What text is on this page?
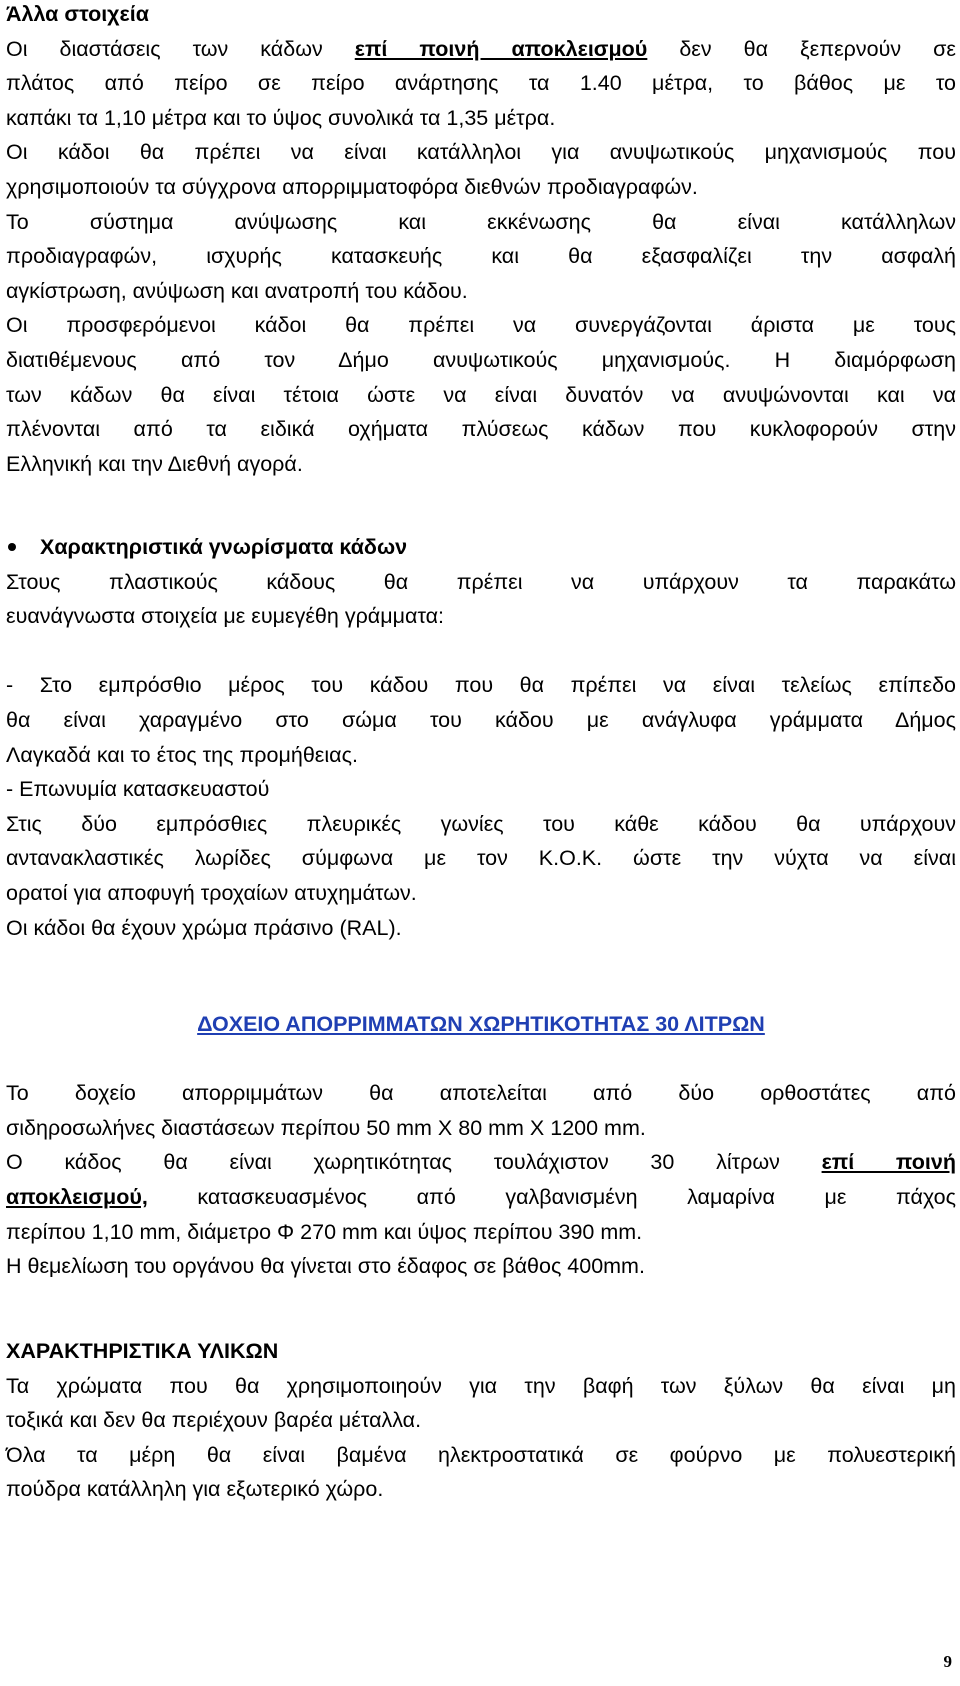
Άλλα στοιχεία
Οι διαστάσεις των κάδων επί ποινή αποκλεισμού δεν θα ξεπερνούν σε
πλάτος από πείρο σε πείρο ανάρτησης τα 1.40 μέτρα, το βάθος με το
καπάκι τα 1,10 μέτρα και το ύψος συνολικά τα 1,35 μέτρα.
Οι κάδοι θα πρέπει να είναι κατάλληλοι για ανυψωτικούς μηχανισμούς που
χρησιμοποιούν τα σύγχρονα απορριμματοφόρα διεθνών προδιαγραφών.
Το σύστημα ανύψωσης και εκκένωσης θα είναι κατάλληλων
προδιαγραφών, ισχυρής κατασκευής και θα εξασφαλίζει την ασφαλή
αγκίστρωση, ανύψωση και ανατροπή του κάδου.
Οι προσφερόμενοι κάδοι θα πρέπει να συνεργάζονται άριστα με τους
διατιθέμενους από τον Δήμο ανυψωτικούς μηχανισμούς. Η διαμόρφωση
των κάδων θα είναι τέτοια ώστε να είναι δυνατόν να ανυψώνονται και να
πλένονται από τα ειδικά οχήματα πλύσεως κάδων που κυκλοφορούν στην
Ελληνική και την Διεθνή αγορά.
Χαρακτηριστικά γνωρίσματα κάδων
Στους πλαστικούς κάδους θα πρέπει να υπάρχουν τα παρακάτω
ευανάγνωστα στοιχεία με ευμεγέθη γράμματα:

- Στο εμπρόσθιο μέρος του κάδου που θα πρέπει να είναι τελείως επίπεδο
θα είναι χαραγμένο στο σώμα του κάδου με ανάγλυφα γράμματα Δήμος
Λαγκαδά και το έτος της προμήθειας.
- Επωνυμία κατασκευαστού
Στις δύο εμπρόσθιες πλευρικές γωνίες του κάθε κάδου θα υπάρχουν
αντανακλαστικές λωρίδες σύμφωνα με τον Κ.Ο.Κ. ώστε την νύχτα να είναι
ορατοί για αποφυγή τροχαίων ατυχημάτων.
Οι κάδοι θα έχουν χρώμα πράσινο (RAL).
ΔΟΧΕΙΟ ΑΠΟΡΡΙΜΜΑΤΩΝ ΧΩΡΗΤΙΚΟΤΗΤΑΣ 30 ΛΙΤΡΩΝ

Το δοχείο απορριμμάτων θα αποτελείται από δύο ορθοστάτες από
σιδηροσωλήνες διαστάσεων περίπου 50 mm X 80 mm X 1200 mm.
Ο κάδος θα είναι χωρητικότητας τουλάχιστον 30 λίτρων επί ποινή
αποκλεισμού, κατασκευασμένος από γαλβανισμένη λαμαρίνα με πάχος
περίπου 1,10 mm, διάμετρο Φ 270 mm και ύψος περίπου 390 mm.
Η θεμελίωση του οργάνου θα γίνεται στο έδαφος σε βάθος 400mm.
ΧΑΡΑΚΤΗΡΙΣΤΙΚΑ ΥΛΙΚΩΝ
Τα χρώματα που θα χρησιμοποιηούν για την βαφή των ξύλων θα είναι μη
τοξικά και δεν θα περιέχουν βαρέα μέταλλα.
Όλα τα μέρη θα είναι βαμένα ηλεκτροστατικά σε φούρνο με πολυεστερική
πούδρα κατάλληλη για εξωτερικό χώρο.
9
